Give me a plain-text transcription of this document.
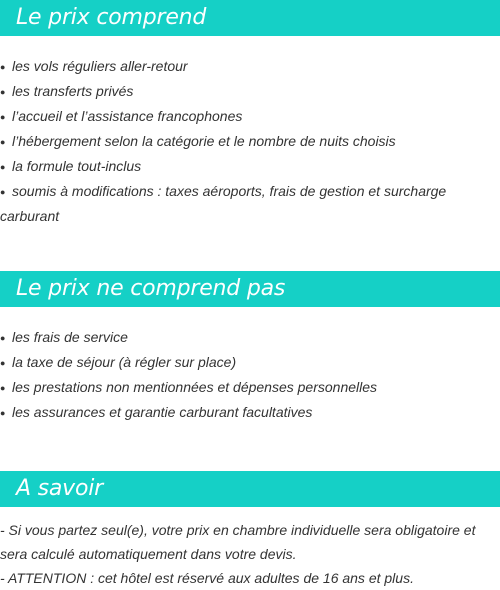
Le prix comprend
● les vols réguliers aller-retour
● les transferts privés
● l’accueil et l’assistance francophones
● l’hébergement selon la catégorie et le nombre de nuits choisis
● la formule tout-inclus
● soumis à modifications : taxes aéroports, frais de gestion et surcharge carburant
Le prix ne comprend pas
● les frais de service
● la taxe de séjour (à régler sur place)
● les prestations non mentionnées et dépenses personnelles
● les assurances et garantie carburant facultatives
A savoir

- Si vous partez seul(e), votre prix en chambre individuelle sera obligatoire et sera calculé automatiquement dans votre devis.

- ATTENTION : cet hôtel est réservé aux adultes de 16 ans et plus.
